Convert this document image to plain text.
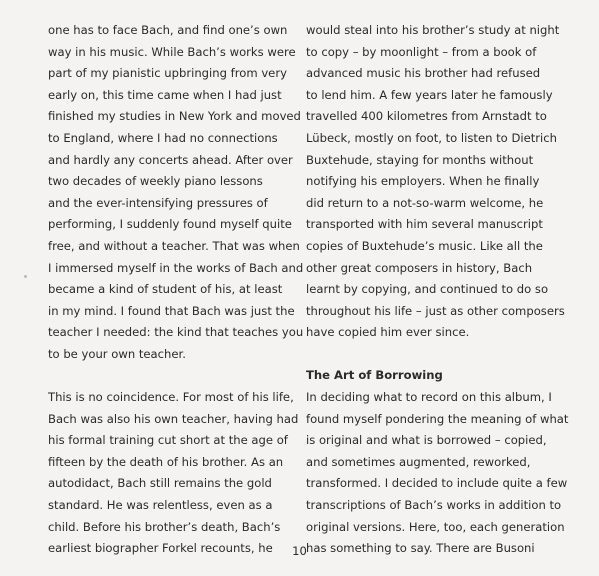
one has to face Bach, and find one’s own
way in his music. While Bach’s works were
part of my pianistic upbringing from very
early on, this time came when I had just
finished my studies in New York and moved
to England, where I had no connections
and hardly any concerts ahead. After over
two decades of weekly piano lessons
and the ever-intensifying pressures of
performing, I suddenly found myself quite
free, and without a teacher. That was when
I immersed myself in the works of Bach and
became a kind of student of his, at least
in my mind. I found that Bach was just the
teacher I needed: the kind that teaches you
to be your own teacher.
This is no coincidence. For most of his life,
Bach was also his own teacher, having had
his formal training cut short at the age of
fifteen by the death of his brother. As an
autodidact, Bach still remains the gold
standard. He was relentless, even as a
child. Before his brother’s death, Bach’s
earliest biographer Forkel recounts, he
would steal into his brother’s study at night
to copy – by moonlight – from a book of
advanced music his brother had refused
to lend him. A few years later he famously
travelled 400 kilometres from Arnstadt to
Lübeck, mostly on foot, to listen to Dietrich
Buxtehude, staying for months without
notifying his employers. When he finally
did return to a not-so-warm welcome, he
transported with him several manuscript
copies of Buxtehude’s music. Like all the
other great composers in history, Bach
learnt by copying, and continued to do so
throughout his life – just as other composers
have copied him ever since.
The Art of Borrowing
In deciding what to record on this album, I
found myself pondering the meaning of what
is original and what is borrowed – copied,
and sometimes augmented, reworked,
transformed. I decided to include quite a few
transcriptions of Bach’s works in addition to
original versions. Here, too, each generation
has something to say. There are Busoni
10
